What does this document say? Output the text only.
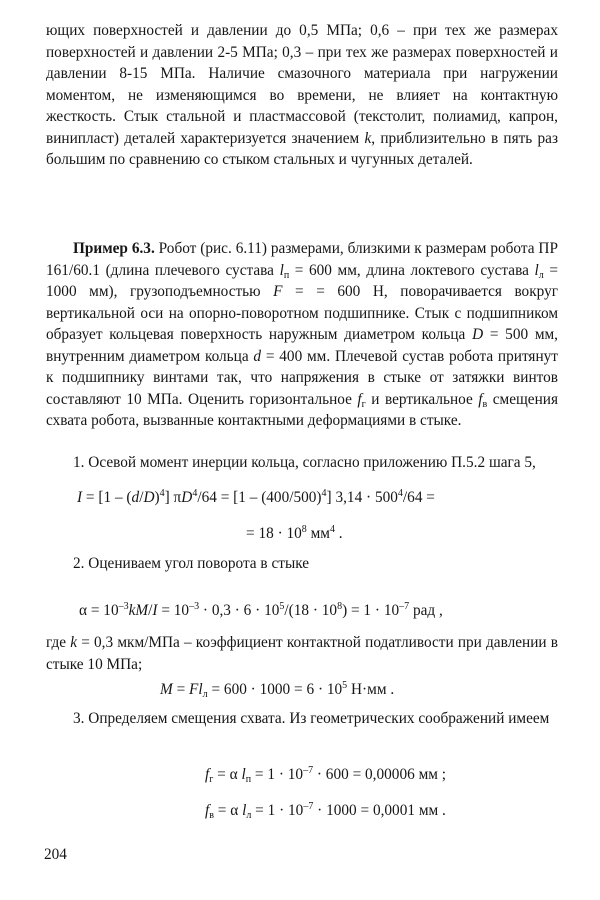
ющих поверхностей и давлении до 0,5 МПа; 0,6 – при тех же размерах поверхностей и давлении 2-5 МПа; 0,3 – при тех же размерах поверхностей и давлении 8-15 МПа. Наличие смазочного материала при нагружении моментом, не изменяющимся во времени, не влияет на контактную жесткость. Стык стальной и пластмассовой (текстолит, полиамид, капрон, винипласт) деталей характеризуется значением k, приблизительно в пять раз большим по сравнению со стыком стальных и чугунных деталей.
Пример 6.3. Робот (рис. 6.11) размерами, близкими к размерам робота ПР 161/60.1 (длина плечевого сустава $l_п = 600$ мм, длина локтевого сустава $l_л = 1000$ мм), грузоподъемностью F = = 600 Н, поворачивается вокруг вертикальной оси на опорно-поворотном подшипнике. Стык с подшипником образует кольцевая поверхность наружным диаметром кольца D = 500 мм, внутренним диаметром кольца d = 400 мм. Плечевой сустав робота притянут к подшипнику винтами так, что напряжения в стыке от затяжки винтов составляют 10 МПа. Оценить горизонтальное $f_г$ и вертикальное $f_в$ смещения схвата робота, вызванные контактными деформациями в стыке.
1. Осевой момент инерции кольца, согласно приложению П.5.2 шага 5,
$I = [1 - (d/D)^4]$ $\pi D^4/64 = [1 - (400/500)^4] 3,14 \cdot 500^4/64$ =
= $18 \cdot 10^8$ $мм^4$ .
2. Оцениваем угол поворота в стыке
$\alpha = 10^{-3}kM/I = 10^{-3} \cdot 0,3 \cdot 6 \cdot 10^5/(18 \cdot 10^8) = 1 \cdot 10^{-7}$ рад ,
где k = 0,3 мкм/МПа – коэффициент контактной податливости при давлении в стыке 10 МПа;
$M = Fl_л = 600 \cdot 1000 = 6 \cdot 10^5$ Н·мм .
3. Определяем смещения схвата. Из геометрических соображений имеем
$f_г = \alpha$ $l_п = 1 \cdot 10^{-7} \cdot 600 = 0,00006$ мм ;
$f_в = \alpha$ $l_л = 1 \cdot 10^{-7} \cdot 1000 = 0,0001$ мм .
204
